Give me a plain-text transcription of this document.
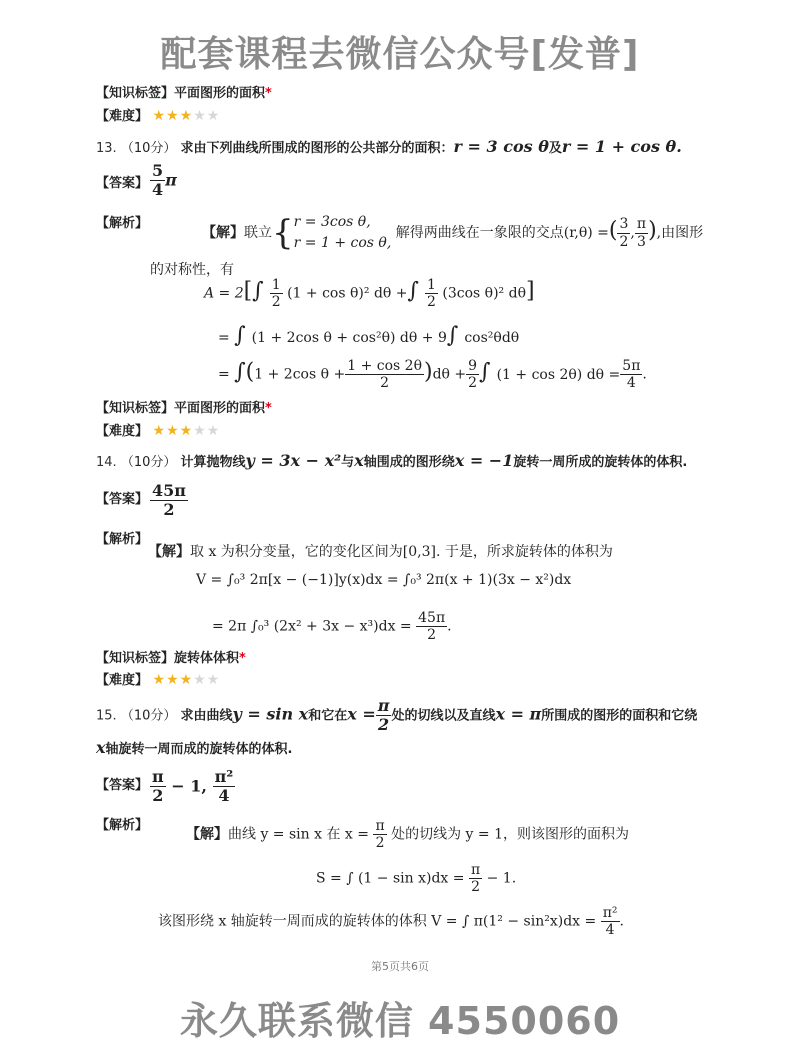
配套课程去微信公众号[发普]
【知识标签】平面图形的面积*
【难度】 ★★★★★
13. （10分） 求由下列曲线所围成的图形的公共部分的面积：r = 3 cos θ及r = 1 + cos θ.
【答案】 $\frac{5}{4}$ π
【解析】
【解】联立{ r = 3cos θ,
r = 1 + cos θ,
解得两曲线在一象限的交点(r,θ) =( $\frac{3}{2}$ , $\frac{\pi}{3}$ ),由图形
的对称性，有
$A = 2[\int \frac{1}{2} (1 + \cos \theta)^2$ dθ +∫ $\frac{1}{2} (3\cos$ θ)² dθ]
= ∫ (1 + 2cos θ + cos²θ) dθ + 9∫ cos²θdθ
= ∫(1 + 2cos $\theta + \frac{1 + \cos 2\theta}{2} )d\theta + \frac{9}{2}$ ∫ (1 + cos 2θ) $d\theta = \frac{5\pi}{4}$ .
【知识标签】平面图形的面积*
【难度】 ★★★★★
14. （10分） 计算抛物线y = 3x − x²与x轴围成的图形绕x = −1旋转一周所成的旋转体的体积.
【答案】 $\frac{45\pi}{2}$
【解析】
【解】取 x 为积分变量，它的变化区间为[0,3]. 于是，所求旋转体的体积为
V = ∫₀³ 2π[x − (−1)]y(x)dx = ∫₀³ 2π(x + 1)(3x − x²)dx
= 2π ∫₀³ $(2x^2 + 3x - x^3)dx = \frac{45\pi}{2}$ .
【知识标签】旋转体体积*
【难度】 ★★★★★
15. （10分） 求由曲线y = sin x和它在$x = \frac{\pi}{2}$ 处的切线以及直线x = π所围成的图形的面积和它绕
x轴旋转一周而成的旋转体的体积.
【答案】 $\frac{\pi}{2} - 1$, $\frac{\text{π²}}{4}$
【解析】
【解】曲线 y = sin x 在 $x = \frac{\pi}{2}$ 处的切线为 y = 1，则该图形的面积为
S = ∫ $(1 - \sin x)dx = \frac{\pi}{2} - 1$.
该图形绕 x 轴旋转一周而成的旋转体的体积 V = ∫ $\pi(1^2 - \sin^2x)dx = \frac{\text{π²}}{4}$ .
第5页共6页
永久联系微信 4550060
